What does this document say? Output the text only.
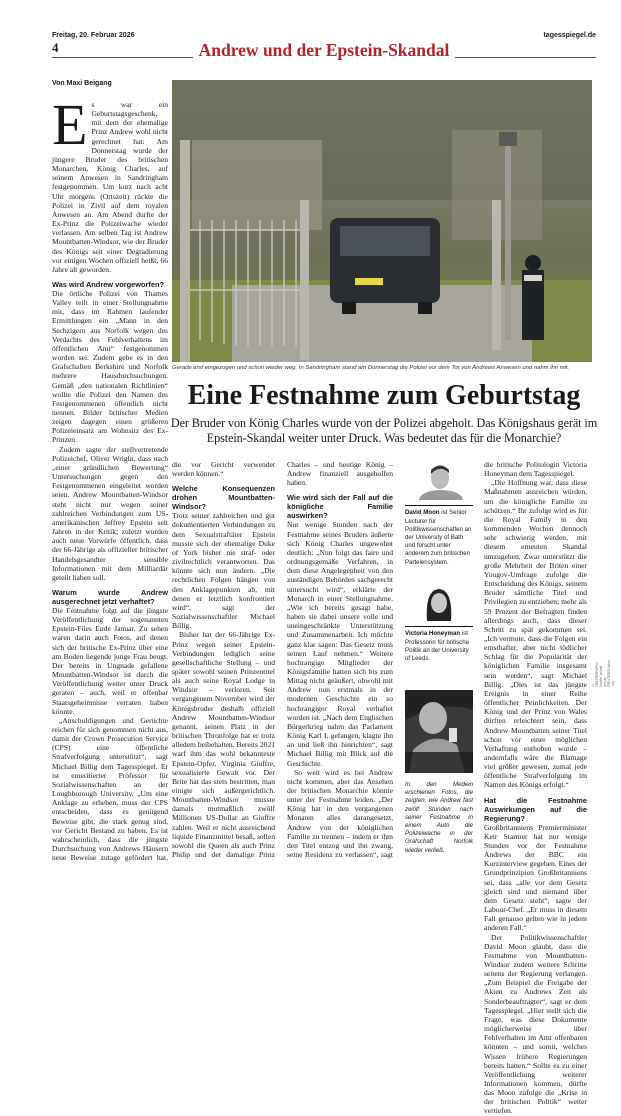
Freitag, 20. Februar 2026	tagesspiegel.de
4	Andrew und der Epstein-Skandal
Von Maxi Beigang

Es war ein Geburtstagsgeschenk, mit dem der ehemalige Prinz Andrew wohl nicht gerechnet hat: Am Donnerstag wurde der jüngere Bruder des britischen Monarchen, König Charles, auf seinem Anwesen in Sandringham festgenommen. Um kurz nach acht Uhr morgens (Ortszeit) rückte die Polizei in Zivil auf dem royalen Anwesen an. Am Abend durfte der Ex-Prinz die Polizeiwache wieder verlassen. Am selben Tag ist Andrew Mountbatten-Windsor, wie der Bruder des Königs seit einer Degradierung vor einigen Wochen offiziell heißt, 66 Jahre alt geworden.

Was wird Andrew vorgeworfen?

Die örtliche Polizei von Thames Valley teilt in einer Stellungnahme mit, dass im Rahmen laufender Ermittlungen ein „Mann in den Sechzigern aus Norfolk wegen des Verdachts des Fehlverhaltens im öffentlichen Amt“ festgenommen worden sei. Zudem gebe es in den Grafschaften Berkshire und Norfolk mehrere Hausdurchsuchungen. Gemäß „den nationalen Richtlinien“ wollte die Polizei den Namen des Festgenommenen öffentlich nicht nennen. Bilder britischer Medien zeigen dagegen einen größeren Polizeieinsatz am Wohnsitz des Ex-Prinzen.

Zudem sagte der stellvertretende Polizeichef, Oliver Wright, dass nach „einer gründlichen Bewertung“ Untersuchungen gegen den Festgenommenen eingeleitet worden seien. Andrew Mountbatten-Windsor steht nicht nur wegen seiner zahlreichen Verbindungen zum US-amerikanischen Jeffrey Epstein seit Jahren in der Kritik; zuletzt wurden auch neue Vorwürfe öffentlich, dass der 66-Jährige als offizieller britischer Handelsgesandter sensible Informationen mit dem Milliardär geteilt haben soll.

Warum wurde Andrew ausgerechnet jetzt verhaftet?

Die Festnahme folgt auf die jüngste Veröffentlichung der sogenannten Epstein-Files Ende Januar. Zu sehen waren darin auch Fotos, auf denen sich der britische Ex-Prinz über eine am Boden liegende junge Frau beugt. Der bereits in Ungnade gefallene Mountbatten-Windsor ist durch die Veröffentlichung weiter unter Druck geraten – auch, weil er offenbar Staatsgeheimnisse verraten haben könnte.

„Anschuldigungen und Gerüchte reichen für sich genommen nicht aus, damit der Crown Prosecution Service (CPS) eine öffentliche Strafverfolgung unterstützt“, sagt Michael Billig dem Tagesspiegel. Er ist emeritierter Professor für Sozialwissenschaften an der Loughborough University. „Um eine Anklage zu erheben, muss der CPS entscheiden, dass es genügend Beweise gibt, die stark genug sind, vor Gericht Bestand zu haben. Es ist wahrscheinlich, dass die jüngste Durchsuchung von Andrews Häusern neue Beweise zutage gefördert hat,

Gerade erst eingezogen und schon wieder weg. In Sandringham stand am Donnerstag die Polizei vor dem Tor von Andrews Anwesen und nahm ihn mit.
Eine Festnahme zum Geburtstag
Der Bruder von König Charles wurde von der Polizei abgeholt. Das Königshaus gerät im Epstein-Skandal weiter unter Druck. Was bedeutet das für die Monarchie?

die vor Gericht verwendet werden können.“

Welche Konsequenzen drohen Mountbatten-Windsor?

Trotz seiner zahlreichen und gut dokumentierten Verbindungen zu dem Sexualstraftäter Epstein musste sich der ehemalige Duke of York bisher nie straf- oder zivilrechtlich verantworten. Das könnte sich nun ändern. „Die rechtlichen Folgen hängen von den Anklagepunkten ab, mit denen er letztlich konfrontiert wird“, sagt der Sozialwissenschaftler Michael Billig.

Bisher hat der 66-Jährige Ex-Prinz wegen seiner Epstein-Verbindungen lediglich seine gesellschaftliche Stellung – und später sowohl seinen Prinzentitel als auch seine Royal Lodge in Windsor – verloren. Seit vergangenem November wird der Königsbruder deshalb offiziell Andrew Mountbatten-Windsor genannt, seinen Platz in der britischen Thronfolge hat er trotz alledem beibehalten. Bereits 2021 warf ihm das wohl bekannteste Epstein-Opfer, Virginia Giuffre, sexualisierte Gewalt vor. Der Brite hat das stets bestritten, man einigte sich außergerichtlich. Mountbatten-Windsor musste damals mutmaßlich zwölf Millionen US-Dollar an Giuffre zahlen. Weil er nicht ausreichend liquide Finanzmittel besaß, sollen sowohl die Queen als auch Prinz Philip und der damalige Prinz

Charles – und heutige König – Andrew finanziell ausgeholfen haben.

Wie wird sich der Fall auf die königliche Familie auswirken?

Nur wenige Stunden nach der Festnahme seines Bruders äußerte sich König Charles ungewohnt deutlich: „Nun folgt das faire und ordnungsgemäße Verfahren, in dem diese Angelegenheit von den zuständigen Behörden sachgerecht untersucht wird“, erklärte der Monarch in einer Stellungnahme. „Wie ich bereits gesagt habe, haben sie dabei unsere volle und uneingeschränkte Unterstützung und Zusammenarbeit. Ich möchte ganz klar sagen: Das Gesetz muss seinen Lauf nehmen.“ Weitere hochrangige Mitglieder der Königsfamilie hatten sich bis zum Mittag nicht geäußert, obwohl mit Andrew nun erstmals in der modernen Geschichte ein so hochrangiger Royal verhaftet worden ist. „Nach dem Englischen Bürgerkrieg nahm das Parlament König Karl I. gefangen, klagte ihn an und ließ ihn hinrichten“, sagt Michael Billig mit Blick auf die Geschichte.

So weit wird es bei Andrew nicht kommen, aber das Ansehen der britischen Monarchie könnte unter der Festnahme leiden. „Der König hat in den vergangenen Monaten alles darangesetzt, Andrew von der königlichen Familie zu trennen – indem er ihm den Titel entzog und ihn zwang, seine Residenz zu verlassen“, sagt

David Moon ist Senior Lecturer für Politikwissenschaften an der University of Bath und forscht unter anderem zum britischen Parteiensystem.
Victoria Honeyman ist Professorin für britische Politik an der University of Leeds.
In den Medien erschienen Fotos, die zeigten, wie Andrew fast zwölf Stunden nach seiner Festnahme in einem Auto die Polizeiwache in der Grafschaft Norfolk wieder verließ.

die britische Politologin Victoria Honeyman dem Tagesspiegel.

„Die Hoffnung war, dass diese Maßnahmen ausreichen würden, um die königliche Familie zu schützen.“ Ihr zufolge wird es für die Royal Family in den kommenden Wochen dennoch sehr schwierig werden, mit diesem erneuten Skandal umzugehen. Zwar unterstützt die große Mehrheit der Briten einer Yougov-Umfrage zufolge die Entscheidung des Königs, seinem Bruder sämtliche Titel und Privilegien zu entziehen; mehr als 59 Prozent der Befragten finden allerdings auch, dass dieser Schritt zu spät gekommen sei. „Ich vermute, dass die Folgen ein ernsthafter, aber nicht tödlicher Schlag für die Popularität der königlichen Familie insgesamt sein werden“, sagt Michael Billig. „Dies ist das jüngste Ereignis in einer Reihe öffentlicher Peinlichkeiten. Der König und der Prinz von Wales dürften erleichtert sein, dass Andrew Mountbatten seiner Titel schon vor einer möglichen Verhaftung enthoben wurde – andernfalls wäre die Blamage viel größer gewesen, zumal jede öffentliche Strafverfolgung im Namen des Königs erfolgt.“

Hat die Festnahme Auswirkungen auf die Regierung?

Großbritanniens Premierminister Keir Starmer hat nur wenige Stunden vor der Festnahme Andrews der BBC ein Kurzinterview gegeben. Eines der Grundprinzipien Großbritanniens sei, dass „alle vor dem Gesetz gleich sind und niemand über dem Gesetz steht“, sagte der Labour-Chef. „Er muss in diesem Fall genauso gelten wie in jedem anderen Fall.“

Der Politikwissenschaftler David Moon glaubt, dass die Festnahme von Mountbatten-Windsor zudem weitere Schritte seitens der Regierung verlangen. „Zum Beispiel die Freigabe der Akten zu Andrews Zeit als Sonderbeauftragter“, sagt er dem Tagesspiegel. „Hier stellt sich die Frage, was diese Dokumente möglicherweise über Fehlverhalten im Amt offenbaren könnten – und somit, welches Wissen frühere Regierungen bereits hatten.“ Sollte es zu einer Veröffentlichung weiterer Informationen kommen, dürfte das Moon zufolge die „Krise in der britischen Politik“ weiter vertiefen.

© REUTERS/Phil Noble; privat; privat; REUTERS/Jaimi Joy
